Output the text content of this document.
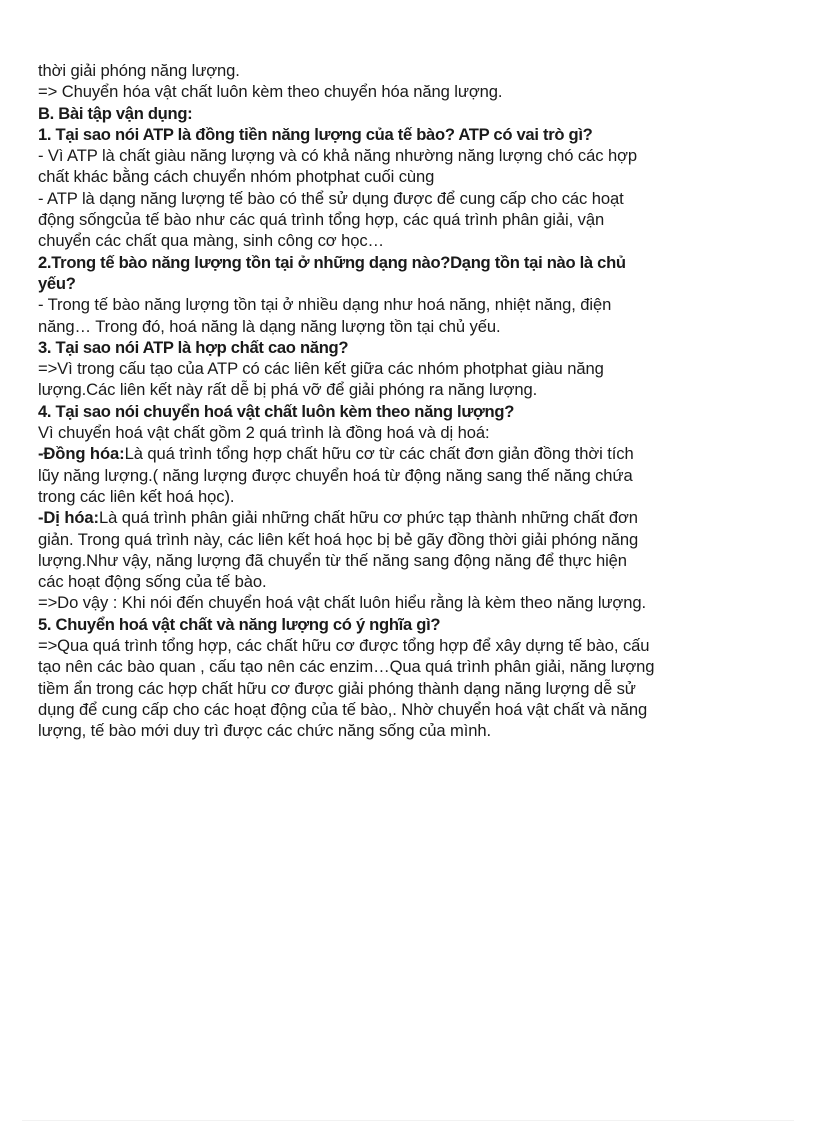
thời giải phóng năng lượng.
=> Chuyển hóa vật chất luôn kèm theo chuyển hóa năng lượng.
B. Bài tập vận dụng:
1. Tại sao nói ATP là đồng tiền năng lượng của tế bào? ATP có vai trò gì?
- Vì ATP là chất giàu năng lượng và có khả năng nhường năng lượng chó các hợp
chất khác bằng cách chuyển nhóm photphat cuối cùng
- ATP là dạng năng lượng tế bào có thể sử dụng được để cung cấp cho các hoạt
động sốngcủa tế bào như các quá trình tổng hợp, các quá trình phân giải, vận
chuyển các chất qua màng, sinh công cơ học…
2.Trong tế bào năng lượng tồn tại ở những dạng nào?Dạng tồn tại nào là chủ
yếu?
- Trong tế bào năng lượng tồn tại ở nhiều dạng như hoá năng, nhiệt năng, điện
năng… Trong đó, hoá năng là dạng năng lượng tồn tại chủ yếu.
3. Tại sao nói ATP là hợp chất cao năng?
=>Vì trong cấu tạo của ATP có các liên kết giữa các nhóm photphat giàu năng
lượng.Các liên kết này rất dễ bị phá vỡ để giải phóng ra năng lượng.
4. Tại sao nói chuyển hoá vật chất luôn kèm theo năng lượng?
Vì chuyển hoá vật chất gồm 2 quá trình là đồng hoá và dị hoá:
-Đồng hóa:Là quá trình tổng hợp chất hữu cơ từ các chất đơn giản đồng thời tích
lũy năng lượng.( năng lượng được chuyển hoá từ động năng sang thế năng chứa
trong các liên kết hoá học).
-Dị hóa:Là quá trình phân giải những chất hữu cơ phức tạp thành những chất đơn
giản. Trong quá trình này, các liên kết hoá học bị bẻ gãy đồng thời giải phóng năng
lượng.Như vậy, năng lượng đã chuyển từ thế năng sang động năng để thực hiện
các hoạt động sống của tế bào.
=>Do vậy : Khi nói đến chuyển hoá vật chất luôn hiểu rằng là kèm theo năng lượng.
5. Chuyển hoá vật chất và năng lượng có ý nghĩa gì?
=>Qua quá trình tổng hợp, các chất hữu cơ được tổng hợp để xây dựng tế bào, cấu
tạo nên các bào quan , cấu tạo nên các enzim…Qua quá trình phân giải, năng lượng
tiềm ẩn trong các hợp chất hữu cơ được giải phóng thành dạng năng lượng dễ sử
dụng để cung cấp cho các hoạt động của tế bào,. Nhờ chuyển hoá vật chất và năng
lượng, tế bào mới duy trì được các chức năng sống của mình.
